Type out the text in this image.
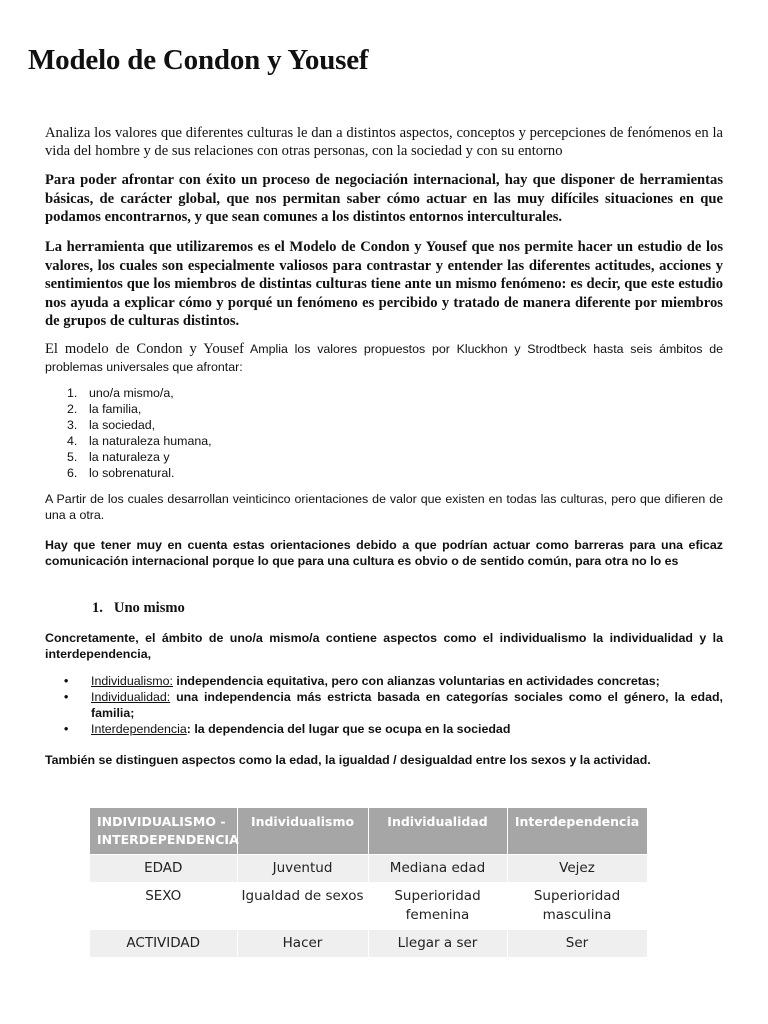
Modelo de Condon y Yousef

Analiza los valores que diferentes culturas le dan a distintos aspectos, conceptos y percepciones de fenómenos en la vida del hombre y de sus relaciones con otras personas, con la sociedad y con su entorno

Para poder afrontar con éxito un proceso de negociación internacional, hay que disponer de herramientas básicas, de carácter global, que nos permitan saber cómo actuar en las muy difíciles situaciones en que podamos encontrarnos, y que sean comunes a los distintos entornos interculturales.

La herramienta que utilizaremos es el Modelo de Condon y Yousef que nos permite hacer un estudio de los valores, los cuales son especialmente valiosos para contrastar y entender las diferentes actitudes, acciones y sentimientos que los miembros de distintas culturas tiene ante un mismo fenómeno: es decir, que este estudio nos ayuda a explicar cómo y porqué un fenómeno es percibido y tratado de manera diferente por miembros de grupos de culturas distintos.

El modelo de Condon y Yousef Amplia los valores propuestos por Kluckhon y Strodtbeck hasta seis ámbitos de problemas universales que afrontar:

1. uno/a mismo/a,
2. la familia,
3. la sociedad,
4. la naturaleza humana,
5. la naturaleza y
6. lo sobrenatural.

A Partir de los cuales desarrollan veinticinco orientaciones de valor que existen en todas las culturas, pero que difieren de una a otra.

Hay que tener muy en cuenta estas orientaciones debido a que podrían actuar como barreras para una eficaz comunicación internacional porque lo que para una cultura es obvio o de sentido común, para otra no lo es

1. Uno mismo

Concretamente, el ámbito de uno/a mismo/a contiene aspectos como el individualismo la individualidad y la interdependencia,

• Individualismo: independencia equitativa, pero con alianzas voluntarias en actividades concretas;
• Individualidad: una independencia más estricta basada en categorías sociales como el género, la edad, familia;
• Interdependencia: la dependencia del lugar que se ocupa en la sociedad

También se distinguen aspectos como la edad, la igualdad / desigualdad entre los sexos y la actividad.

INDIVIDUALISMO - INTERDEPENDENCIA	Individualismo	Individualidad	Interdependencia
EDAD	Juventud	Mediana edad	Vejez
SEXO	Igualdad de sexos	Superioridad femenina	Superioridad masculina
ACTIVIDAD	Hacer	Llegar a ser	Ser
